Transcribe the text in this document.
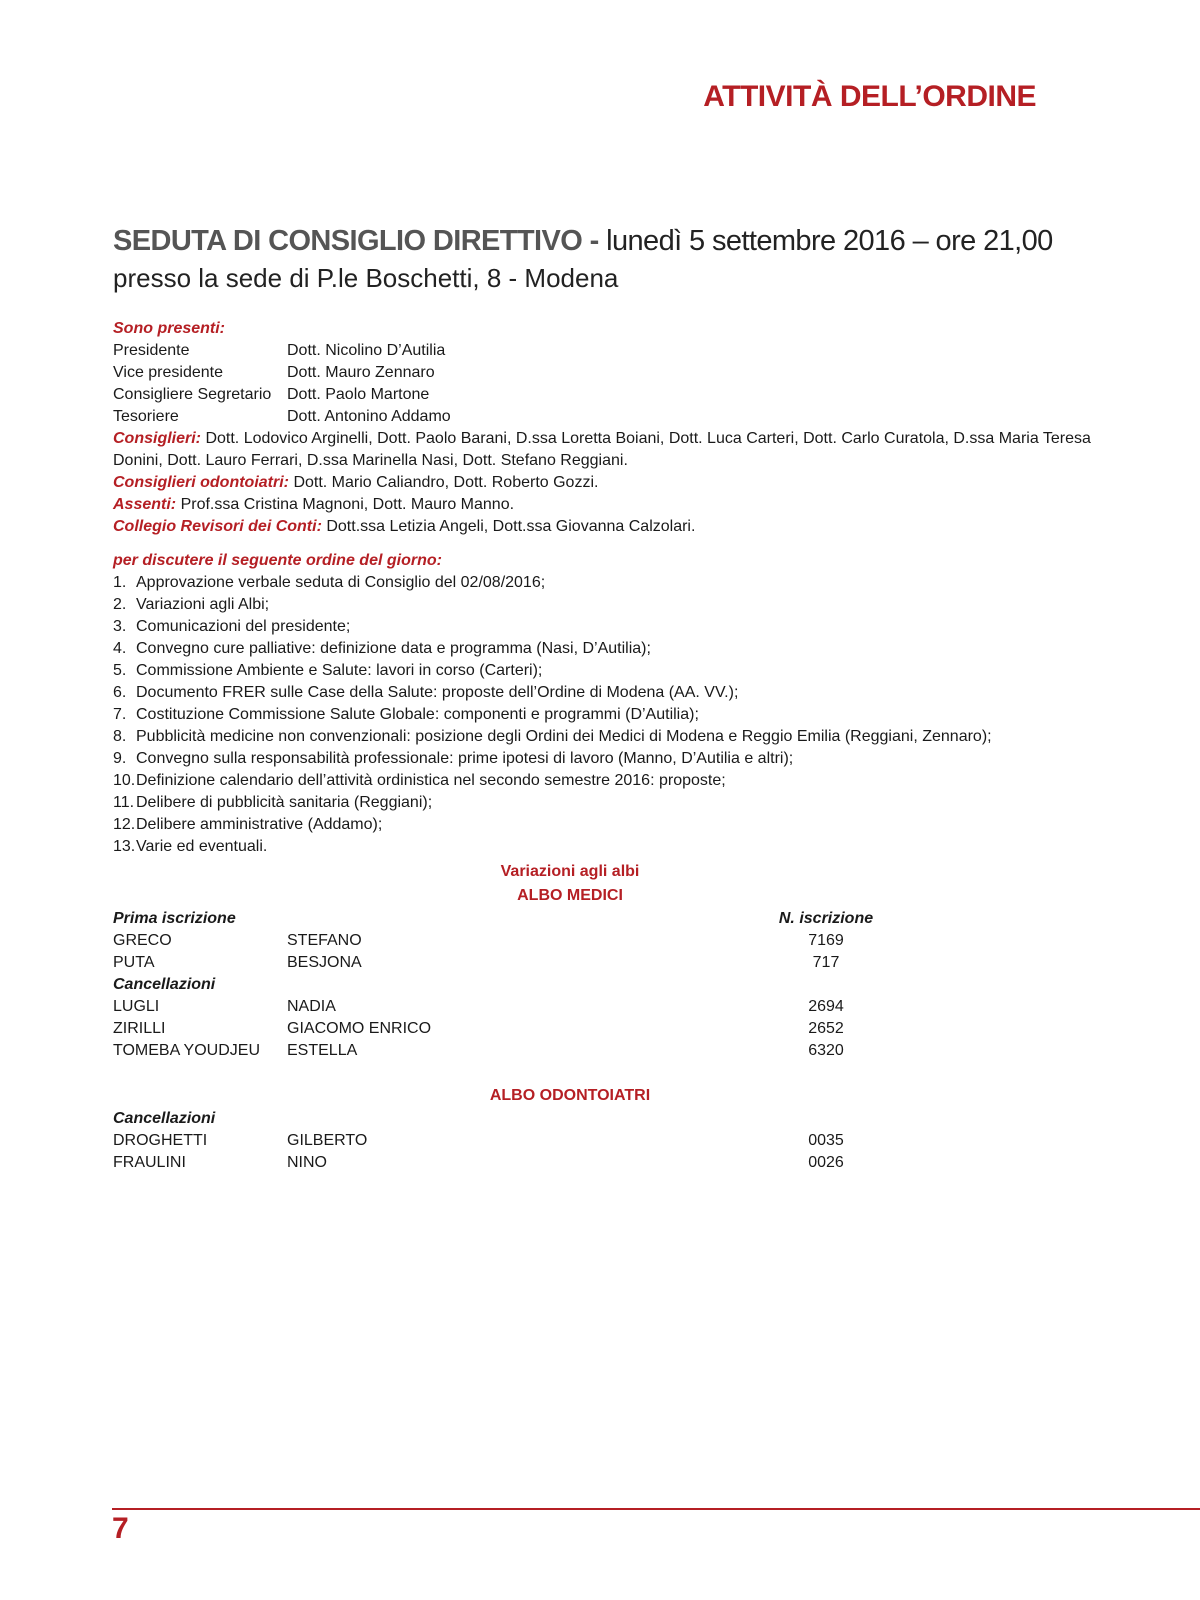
ATTIVITÀ DELL’ORDINE
SEDUTA DI CONSIGLIO DIRETTIVO - lunedì 5 settembre 2016 – ore 21,00
presso la sede di P.le Boschetti, 8 - Modena
Sono presenti:
Presidente	Dott. Nicolino D’Autilia
Vice presidente	Dott. Mauro Zennaro
Consigliere Segretario Dott. Paolo Martone
Tesoriere	Dott. Antonino Addamo

Consiglieri: Dott. Lodovico Arginelli, Dott. Paolo Barani, D.ssa Loretta Boiani, Dott. Luca Carteri, Dott. Carlo Curatola, D.ssa Maria Teresa Donini, Dott. Lauro Ferrari, D.ssa Marinella Nasi, Dott. Stefano Reggiani.

Consiglieri odontoiatri: Dott. Mario Caliandro, Dott. Roberto Gozzi.

Assenti: Prof.ssa Cristina Magnoni, Dott. Mauro Manno.

Collegio Revisori dei Conti: Dott.ssa Letizia Angeli, Dott.ssa Giovanna Calzolari.

per discutere il seguente ordine del giorno:
1. Approvazione verbale seduta di Consiglio del 02/08/2016;
2. Variazioni agli Albi;
3. Comunicazioni del presidente;
4. Convegno cure palliative: definizione data e programma (Nasi, D’Autilia);
5. Commissione Ambiente e Salute: lavori in corso (Carteri);
6. Documento FRER sulle Case della Salute: proposte dell’Ordine di Modena (AA. VV.);
7. Costituzione Commissione Salute Globale: componenti e programmi (D’Autilia);
8. Pubblicità medicine non convenzionali: posizione degli Ordini dei Medici di Modena e Reggio Emilia (Reggiani, Zennaro);
9. Convegno sulla responsabilità professionale: prime ipotesi di lavoro (Manno, D’Autilia e altri);
10. Definizione calendario dell’attività ordinistica nel secondo semestre 2016: proposte;
11. Delibere di pubblicità sanitaria (Reggiani);
12. Delibere amministrative (Addamo);
13. Varie ed eventuali.
Variazioni agli albi
ALBO MEDICI
Prima iscrizione	N. iscrizione
GRECO	STEFANO	7169
PUTA	BESJONA	717
Cancellazioni
LUGLI	NADIA	2694
ZIRILLI	GIACOMO ENRICO	2652
TOMEBA YOUDJEU	ESTELLA	6320
ALBO ODONTOIATRI
Cancellazioni
DROGHETTI	GILBERTO	0035
FRAULINI	NINO	0026
7
